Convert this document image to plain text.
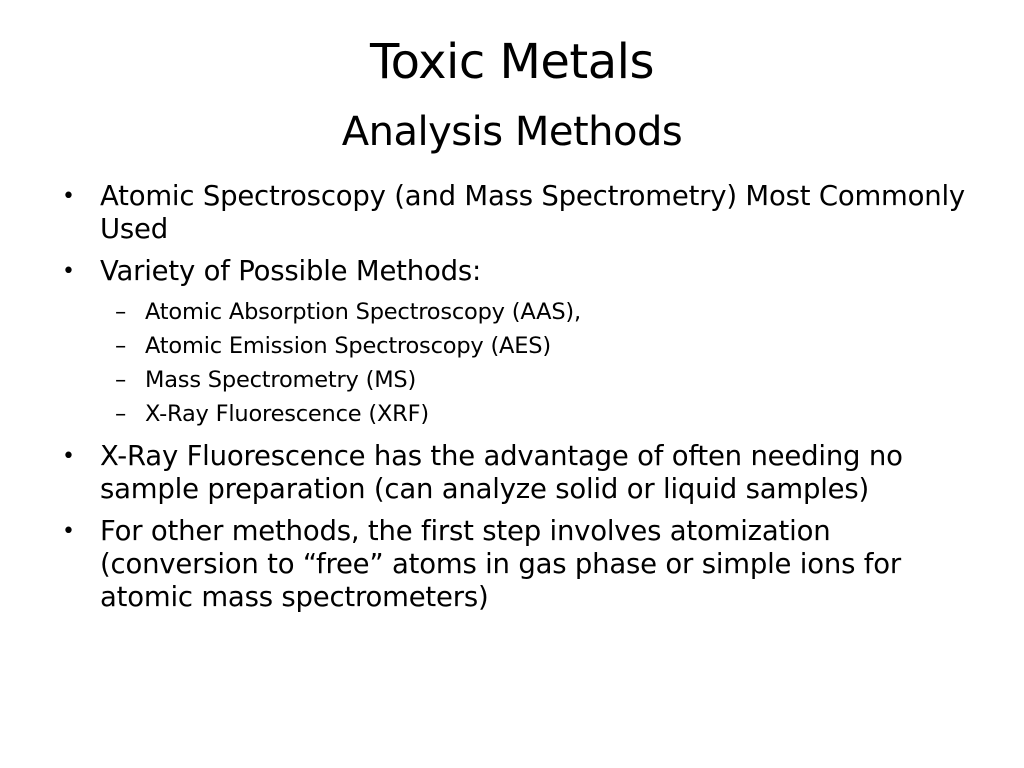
Toxic Metals
Analysis Methods
• Atomic Spectroscopy (and Mass Spectrometry) Most Commonly Used
• Variety of Possible Methods:
– Atomic Absorption Spectroscopy (AAS),
– Atomic Emission Spectroscopy (AES)
– Mass Spectrometry (MS)
– X-Ray Fluorescence (XRF)
• X-Ray Fluorescence has the advantage of often needing no sample preparation (can analyze solid or liquid samples)
• For other methods, the first step involves atomization (conversion to “free” atoms in gas phase or simple ions for atomic mass spectrometers)
